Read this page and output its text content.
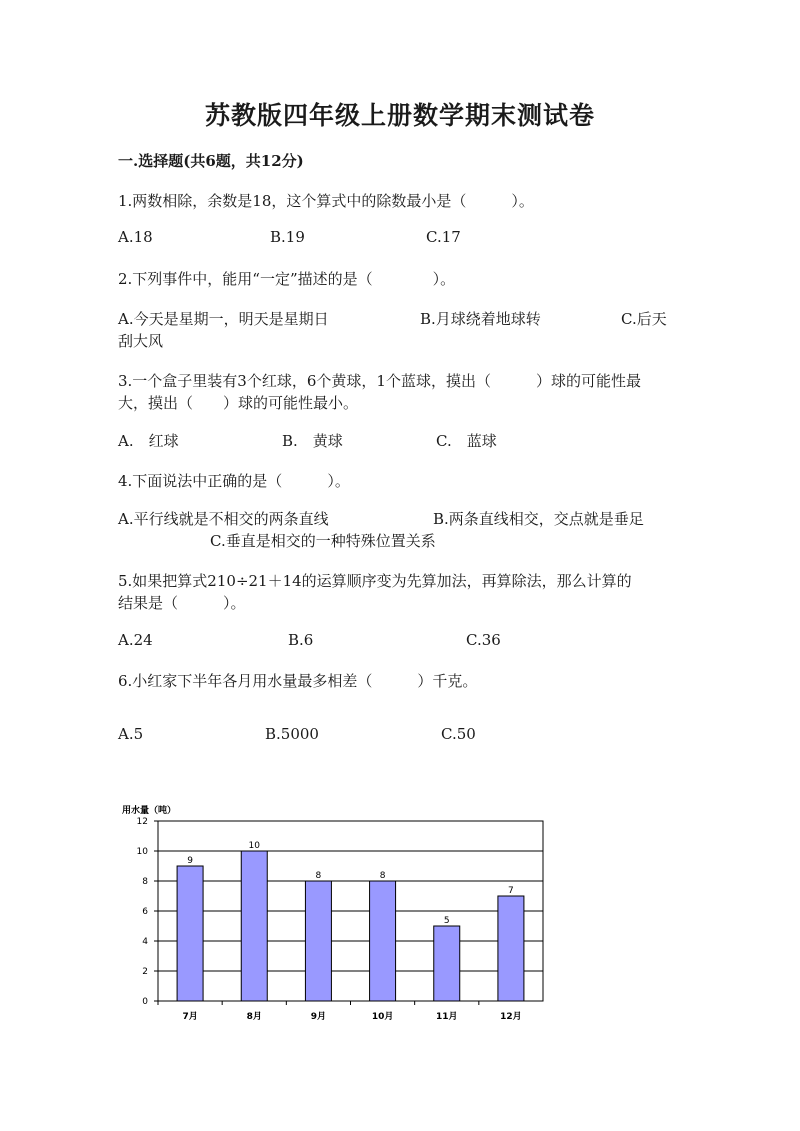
苏教版四年级上册数学期末测试卷
一.选择题(共6题，共12分)
1.两数相除，余数是18，这个算式中的除数最小是（　　　）。
A.18	B.19	C.17
2.下列事件中，能用“一定”描述的是（　　　　）。
A.今天是星期一，明天是星期日	B.月球绕着地球转	C.后天
刮大风
3.一个盒子里装有3个红球，6个黄球，1个蓝球，摸出（　　　）球的可能性最
大，摸出（　　）球的可能性最小。
A.　红球	B.　黄球	C.　蓝球
4.下面说法中正确的是（　　　）。
A.平行线就是不相交的两条直线	B.两条直线相交，交点就是垂足
C.垂直是相交的一种特殊位置关系
5.如果把算式210÷21＋14的运算顺序变为先算加法，再算除法，那么计算的
结果是（　　　）。
A.24	B.6	C.36
6.小红家下半年各月用水量最多相差（　　　）千克。
A.5	B.5000	C.50
用水量（吨）
0
2
4
6
8
10
12
9
7月
10
8月
8
9月
8
10月
5
11月
7
12月
